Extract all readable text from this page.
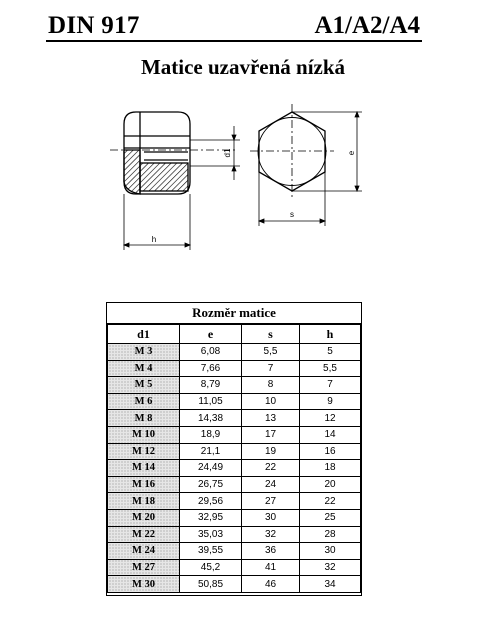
DIN 917	A1/A2/A4
Matice uzavřená nízká
d1
h
e
s
Rozměr matice
d1	e	s	h
M 3	6,08	5,5	5
M 4	7,66	7	5,5
M 5	8,79	8	7
M 6	11,05	10	9
M 8	14,38	13	12
M 10	18,9	17	14
M 12	21,1	19	16
M 14	24,49	22	18
M 16	26,75	24	20
M 18	29,56	27	22
M 20	32,95	30	25
M 22	35,03	32	28
M 24	39,55	36	30
M 27	45,2	41	32
M 30	50,85	46	34
